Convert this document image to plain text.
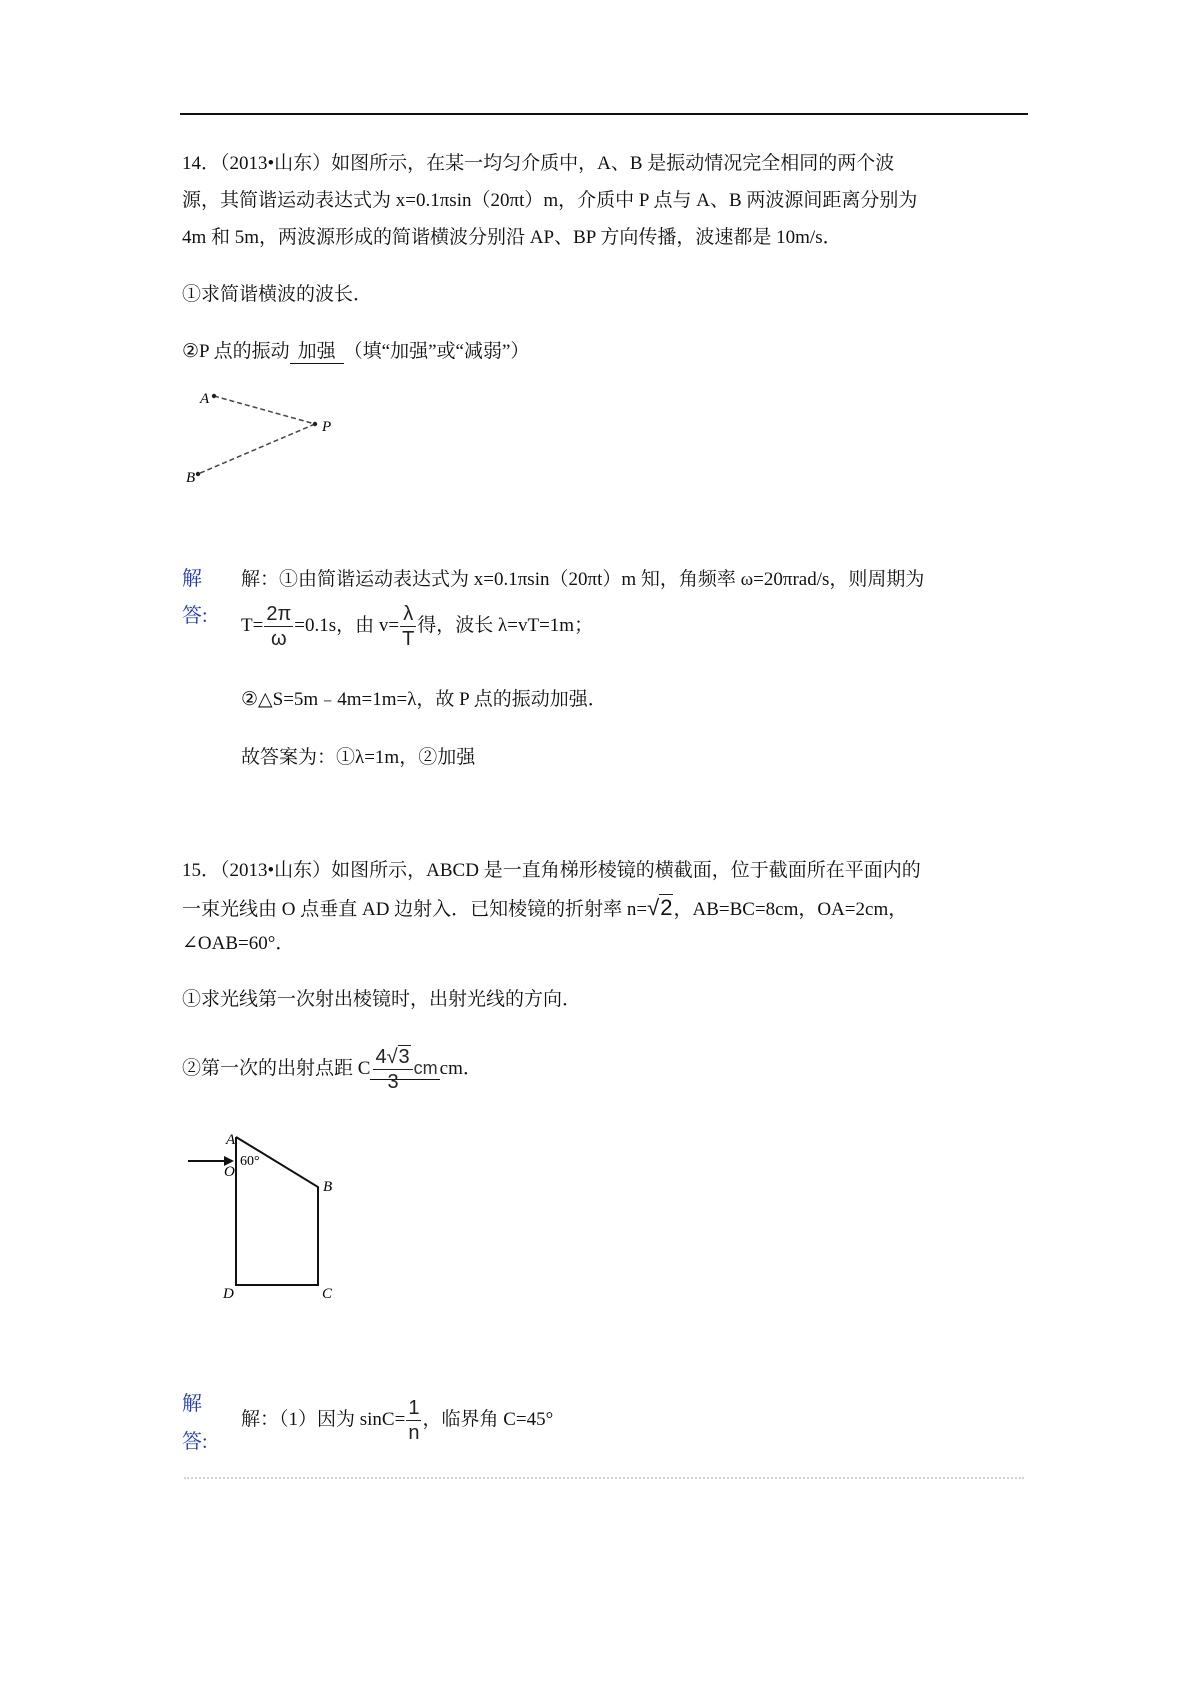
14．（2013•山东）如图所示，在某一均匀介质中，A、B 是振动情况完全相同的两个波
源，其简谐运动表达式为 x=0.1πsin（20πt）m，介质中 P 点与 A、B 两波源间距离分别为
4m 和 5m，两波源形成的简谐横波分别沿 AP、BP 方向传播，波速都是 10m/s．
①求简谐横波的波长．
②P 点的振动 加强 （填“加强”或“减弱”）
A
P
B
解
答:
解：①由简谐运动表达式为 x=0.1πsin（20πt）m 知，角频率 ω=20πrad/s，则周期为
$T= \frac{2\pi}{\omega} =0.1s$，由 $v= \frac{\lambda}{T}$ 得，波长 λ=vT=1m；
②△S=5m﹣4m=1m=λ，故 P 点的振动加强．
故答案为：①λ=1m，②加强
15．（2013•山东）如图所示，ABCD 是一直角梯形棱镜的横截面，位于截面所在平面内的
一束光线由 O 点垂直 AD 边射入．已知棱镜的折射率 n=√2，AB=BC=8cm，OA=2cm，
∠OAB=60°．
①求光线第一次射出棱镜时，出射光线的方向．
②第一次的出射点距 C $\frac{4√3}{3}$ cm cm．
A
O
60°
B
C
D
解
答:
解：（1）因为 $\sin C= \frac{1}{n}$ ，临界角 C=45°
